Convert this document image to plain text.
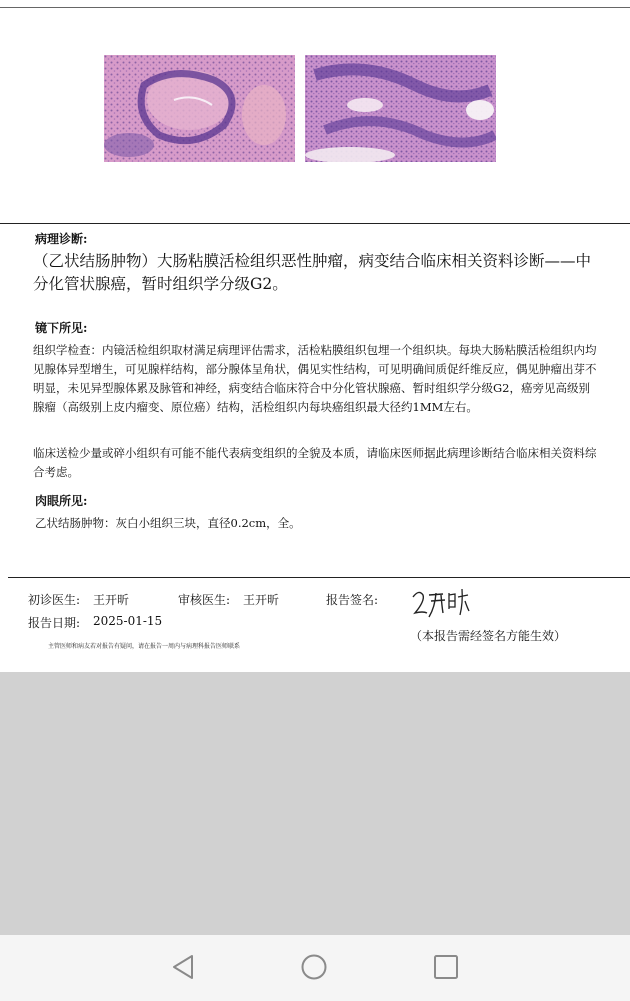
病理诊断:
（乙状结肠肿物）大肠粘膜活检组织恶性肿瘤，病变结合临床相关资料诊断——中分化管状腺癌，暂时组织学分级G2。
镜下所见:
组织学检查：内镜活检组织取材满足病理评估需求，活检粘膜组织包埋一个组织块。每块大肠粘膜活检组织内均见腺体异型增生，可见腺样结构，部分腺体呈角状，偶见实性结构，可见明确间质促纤维反应，偶见肿瘤出芽不明显，未见异型腺体累及脉管和神经，病变结合临床符合中分化管状腺癌、暂时组织学分级G2，癌旁见高级别腺瘤（高级别上皮内瘤变、原位癌）结构，活检组织内每块癌组织最大径约1MM左右。
临床送检少量或碎小组织有可能不能代表病变组织的全貌及本质，请临床医师据此病理诊断结合临床相关资料综合考虑。
肉眼所见:
乙状结肠肿物：灰白小组织三块，直径0.2cm，全。
初诊医生: 王开昕	审核医生: 王开昕	报告签名:
报告日期: 2025-01-15
（本报告需经签名方能生效）
主管医师和病友若对报告有疑问，请在报告一周内与病理科报告医师联系
